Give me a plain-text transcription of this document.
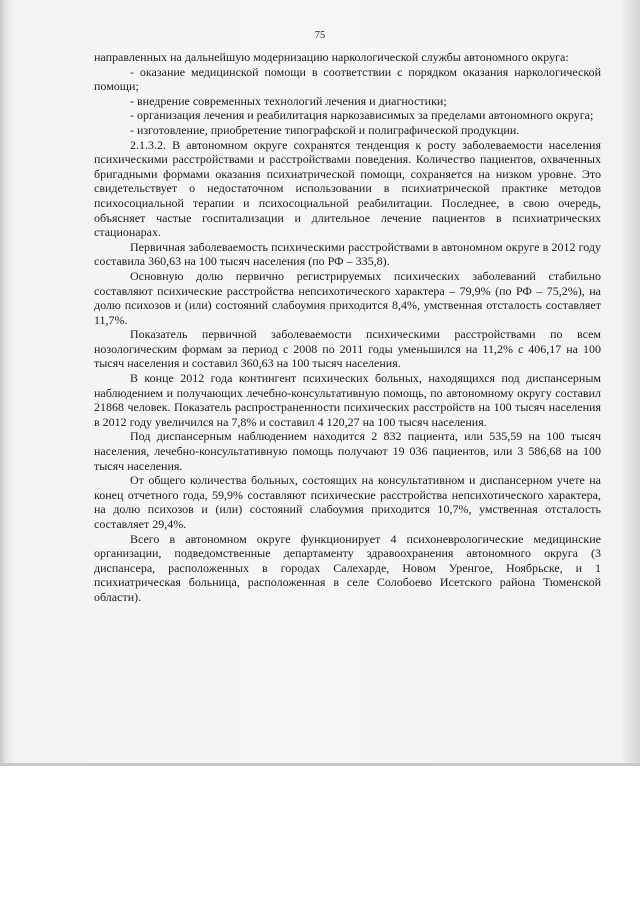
75

направленных на дальнейшую модернизацию наркологической службы автономного округа:

- оказание медицинской помощи в соответствии с порядком оказания наркологической помощи;

- внедрение современных технологий лечения и диагностики;

- организация лечения и реабилитация наркозависимых за пределами автономного округа;

- изготовление, приобретение типографской и полиграфической продукции.

2.1.3.2. В автономном округе сохранятся тенденция к росту заболеваемости населения психическими расстройствами и расстройствами поведения. Количество пациентов, охваченных бригадными формами оказания психиатрической помощи, сохраняется на низком уровне. Это свидетельствует о недостаточном использовании в психиатрической практике методов психосоциальной терапии и психосоциальной реабилитации. Последнее, в свою очередь, объясняет частые госпитализации и длительное лечение пациентов в психиатрических стационарах.

Первичная заболеваемость психическими расстройствами в автономном округе в 2012 году составила 360,63 на 100 тысяч населения (по РФ – 335,8).

Основную долю первично регистрируемых психических заболеваний стабильно составляют психические расстройства непсихотического характера – 79,9% (по РФ – 75,2%), на долю психозов и (или) состояний слабоумия приходится 8,4%, умственная отсталость составляет 11,7%.

Показатель первичной заболеваемости психическими расстройствами по всем нозологическим формам за период с 2008 по 2011 годы уменьшился на 11,2% с 406,17 на 100 тысяч населения и составил 360,63 на 100 тысяч населения.

В конце 2012 года контингент психических больных, находящихся под диспансерным наблюдением и получающих лечебно-консультативную помощь, по автономному округу составил 21868 человек. Показатель распространенности психических расстройств на 100 тысяч населения в 2012 году увеличился на 7,8% и составил 4 120,27 на 100 тысяч населения.

Под диспансерным наблюдением находится 2 832 пациента, или 535,59 на 100 тысяч населения, лечебно-консультативную помощь получают 19 036 пациентов, или 3 586,68 на 100 тысяч населения.

От общего количества больных, состоящих на консультативном и диспансерном учете на конец отчетного года, 59,9% составляют психические расстройства непсихотического характера, на долю психозов и (или) состояний слабоумия приходится 10,7%, умственная отсталость составляет 29,4%.

Всего в автономном округе функционирует 4 психоневрологические медицинские организации, подведомственные департаменту здравоохранения автономного округа (3 диспансера, расположенных в городах Салехарде, Новом Уренгое, Ноябрьске, и 1 психиатрическая больница, расположенная в селе Солобоево Исетского района Тюменской области).
